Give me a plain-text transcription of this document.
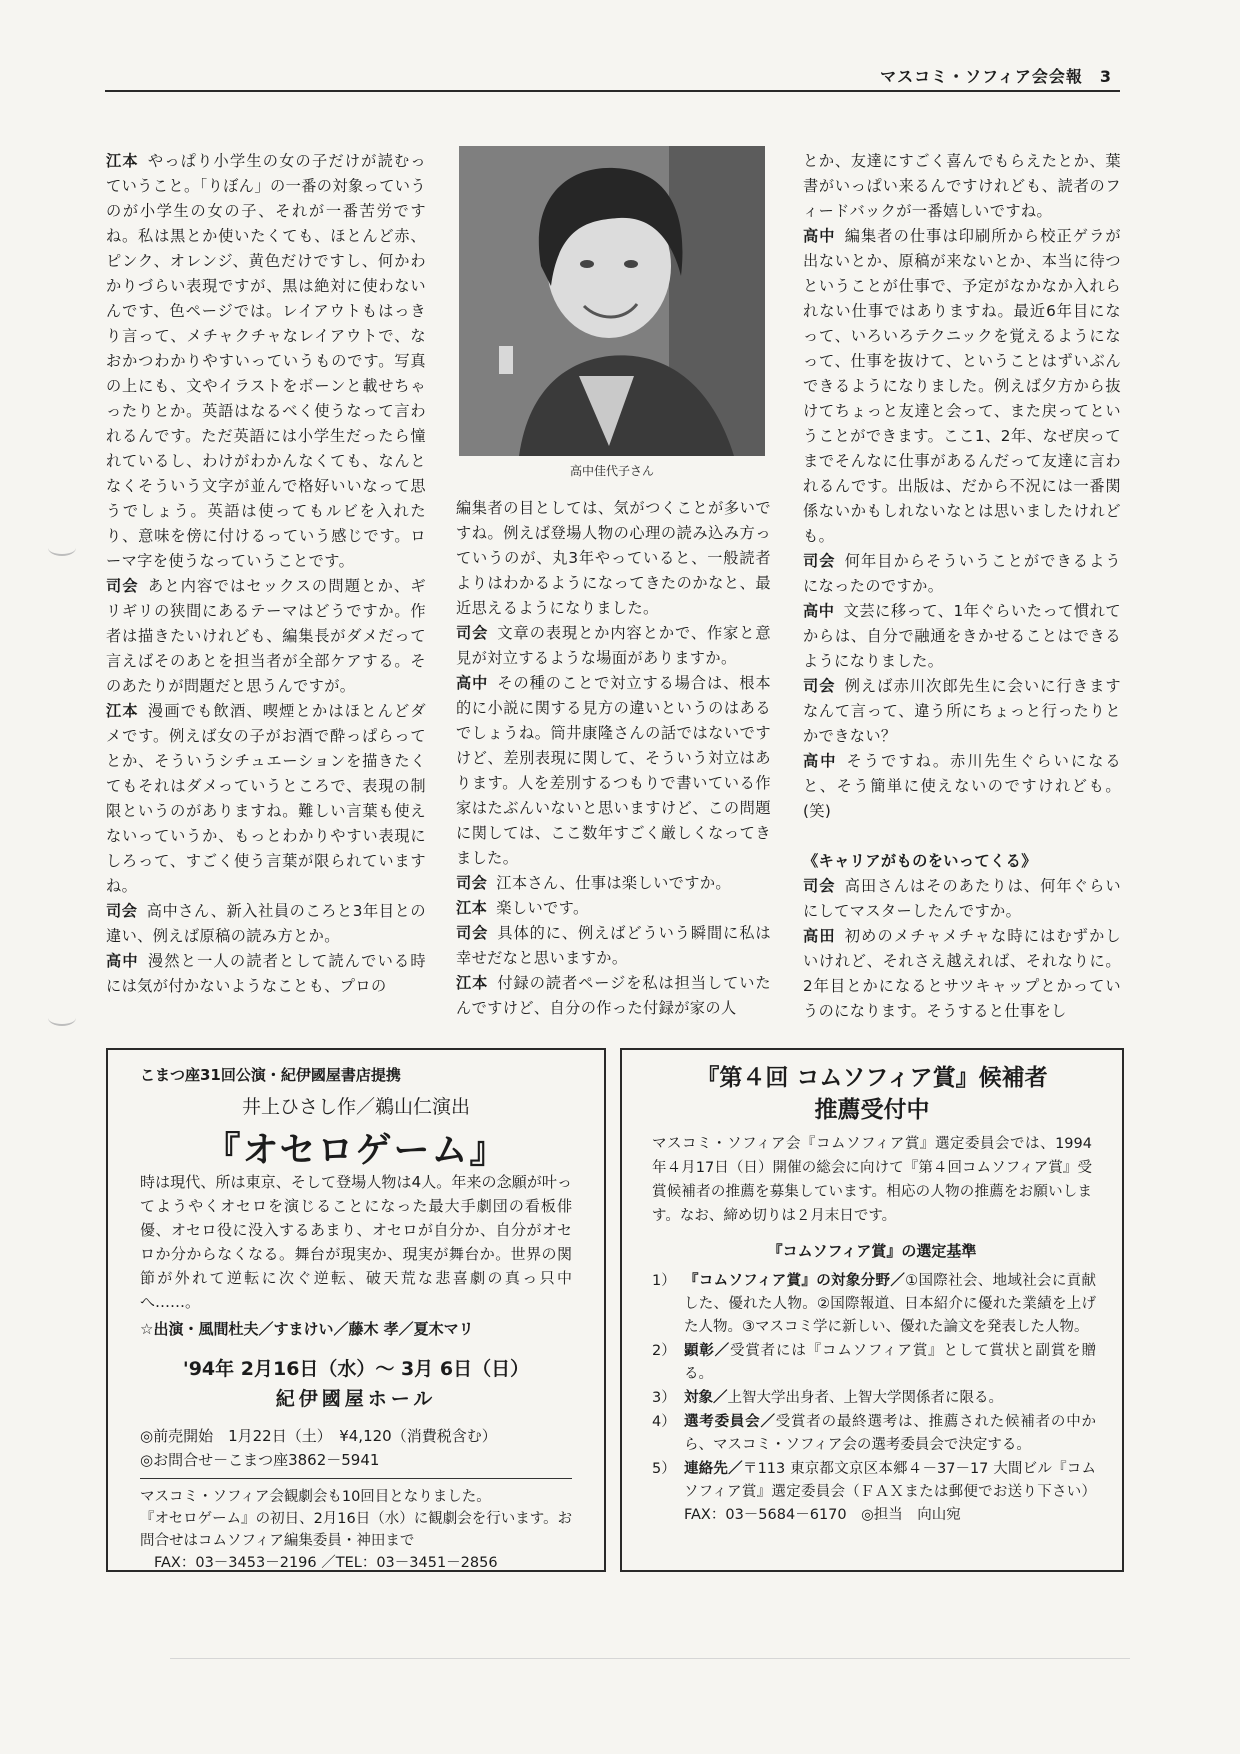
マスコミ・ソフィア会会報　3

江本 やっぱり小学生の女の子だけが読むっていうこと。「りぼん」の一番の対象っていうのが小学生の女の子、それが一番苦労ですね。私は黒とか使いたくても、ほとんど赤、ピンク、オレンジ、黄色だけですし、何かわかりづらい表現ですが、黒は絶対に使わないんです、色ページでは。レイアウトもはっきり言って、メチャクチャなレイアウトで、なおかつわかりやすいっていうものです。写真の上にも、文やイラストをボーンと載せちゃったりとか。英語はなるべく使うなって言われるんです。ただ英語には小学生だったら憧れているし、わけがわかんなくても、なんとなくそういう文字が並んで格好いいなって思うでしょう。英語は使ってもルビを入れたり、意味を傍に付けるっていう感じです。ローマ字を使うなっていうことです。

司会 あと内容ではセックスの問題とか、ギリギリの狭間にあるテーマはどうですか。作者は描きたいけれども、編集長がダメだって言えばそのあとを担当者が全部ケアする。そのあたりが問題だと思うんですが。

江本 漫画でも飲酒、喫煙とかはほとんどダメです。例えば女の子がお酒で酔っぱらってとか、そういうシチュエーションを描きたくてもそれはダメっていうところで、表現の制限というのがありますね。難しい言葉も使えないっていうか、もっとわかりやすい表現にしろって、すごく使う言葉が限られていますね。

司会 高中さん、新入社員のころと3年目との違い、例えば原稿の読み方とか。

高中 漫然と一人の読者として読んでいる時には気が付かないようなことも、プロの

高中佳代子さん

編集者の目としては、気がつくことが多いですね。例えば登場人物の心理の読み込み方っていうのが、丸3年やっていると、一般読者よりはわかるようになってきたのかなと、最近思えるようになりました。

司会 文章の表現とか内容とかで、作家と意見が対立するような場面がありますか。

高中 その種のことで対立する場合は、根本的に小説に関する見方の違いというのはあるでしょうね。筒井康隆さんの話ではないですけど、差別表現に関して、そういう対立はあります。人を差別するつもりで書いている作家はたぶんいないと思いますけど、この問題に関しては、ここ数年すごく厳しくなってきました。

司会 江本さん、仕事は楽しいですか。

江本 楽しいです。

司会 具体的に、例えばどういう瞬間に私は幸せだなと思いますか。

江本 付録の読者ページを私は担当していたんですけど、自分の作った付録が家の人

とか、友達にすごく喜んでもらえたとか、葉書がいっぱい来るんですけれども、読者のフィードバックが一番嬉しいですね。

高中 編集者の仕事は印刷所から校正ゲラが出ないとか、原稿が来ないとか、本当に待つということが仕事で、予定がなかなか入れられない仕事ではありますね。最近6年目になって、いろいろテクニックを覚えるようになって、仕事を抜けて、ということはずいぶんできるようになりました。例えば夕方から抜けてちょっと友達と会って、また戻ってということができます。ここ1、2年、なぜ戻ってまでそんなに仕事があるんだって友達に言われるんです。出版は、だから不況には一番関係ないかもしれないなとは思いましたけれども。

司会 何年目からそういうことができるようになったのですか。

高中 文芸に移って、1年ぐらいたって慣れてからは、自分で融通をきかせることはできるようになりました。

司会 例えば赤川次郎先生に会いに行きますなんて言って、違う所にちょっと行ったりとかできない？

高中 そうですね。赤川先生ぐらいになると、そう簡単に使えないのですけれども。(笑)

《キャリアがものをいってくる》

司会 高田さんはそのあたりは、何年ぐらいにしてマスターしたんですか。

高田 初めのメチャメチャな時にはむずかしいけれど、それさえ越えれば、それなりに。2年目とかになるとサツキャップとかっていうのになります。そうすると仕事をし

こまつ座31回公演・紀伊國屋書店提携
井上ひさし作／鵜山仁演出
『オセロゲーム』
時は現代、所は東京、そして登場人物は4人。年来の念願が叶ってようやくオセロを演じることになった最大手劇団の看板俳優、オセロ役に没入するあまり、オセロが自分か、自分がオセロか分からなくなる。舞台が現実か、現実が舞台か。世界の関節が外れて逆転に次ぐ逆転、破天荒な悲喜劇の真っ只中へ……。
☆出演・風間杜夫／すまけい／藤木 孝／夏木マリ
'94年 2月16日（水）～ 3月 6日（日）
紀伊國屋ホール
◎前売開始　1月22日（土）　¥4,120（消費税含む）
◎お問合せ－こまつ座3862－5941
マスコミ・ソフィア会観劇会も10回目となりました。
『オセロゲーム』の初日、2月16日（水）に観劇会を行います。お問合せはコムソフィア編集委員・神田まで
FAX：03－3453－2196 ／TEL：03－3451－2856
『第４回 コムソフィア賞』候補者
推薦受付中
マスコミ・ソフィア会『コムソフィア賞』選定委員会では、1994年４月17日（日）開催の総会に向けて『第４回コムソフィア賞』受賞候補者の推薦を募集しています。相応の人物の推薦をお願いします。なお、締め切りは２月末日です。
『コムソフィア賞』の選定基準
1） 『コムソフィア賞』の対象分野／①国際社会、地域社会に貢献した、優れた人物。②国際報道、日本紹介に優れた業績を上げた人物。③マスコミ学に新しい、優れた論文を発表した人物。
2） 顕彰／受賞者には『コムソフィア賞』として賞状と副賞を贈る。
3） 対象／上智大学出身者、上智大学関係者に限る。
4） 選考委員会／受賞者の最終選考は、推薦された候補者の中から、マスコミ・ソフィア会の選考委員会で決定する。
5） 連絡先／〒113 東京都文京区本郷４－37－17 大間ビル『コムソフィア賞』選定委員会（ＦＡＸまたは郵便でお送り下さい）FAX：03－5684－6170　◎担当　向山宛
